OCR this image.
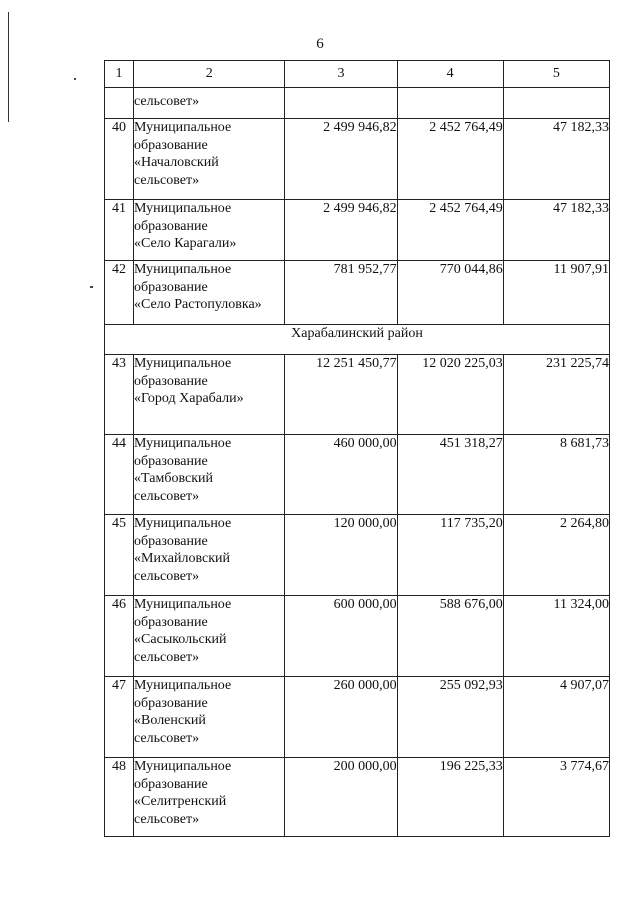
6
1	2	3	4	5
	сельсовет»			
40	Муниципальное
образование
«Началовский
сельсовет»	2 499 946,82	2 452 764,49	47 182,33
41	Муниципальное
образование
«Село Карагали»	2 499 946,82	2 452 764,49	47 182,33
42	Муниципальное
образование
«Село Растопуловка»	781 952,77	770 044,86	11 907,91
Харабалинский район				
43	Муниципальное
образование
«Город Харабали»	12 251 450,77	12 020 225,03	231 225,74
44	Муниципальное
образование
«Тамбовский
сельсовет»	460 000,00	451 318,27	8 681,73
45	Муниципальное
образование
«Михайловский
сельсовет»	120 000,00	117 735,20	2 264,80
46	Муниципальное
образование
«Сасыкольский
сельсовет»	600 000,00	588 676,00	11 324,00
47	Муниципальное
образование
«Воленский
сельсовет»	260 000,00	255 092,93	4 907,07
48	Муниципальное
образование
«Селитренский
сельсовет»	200 000,00	196 225,33	3 774,67
